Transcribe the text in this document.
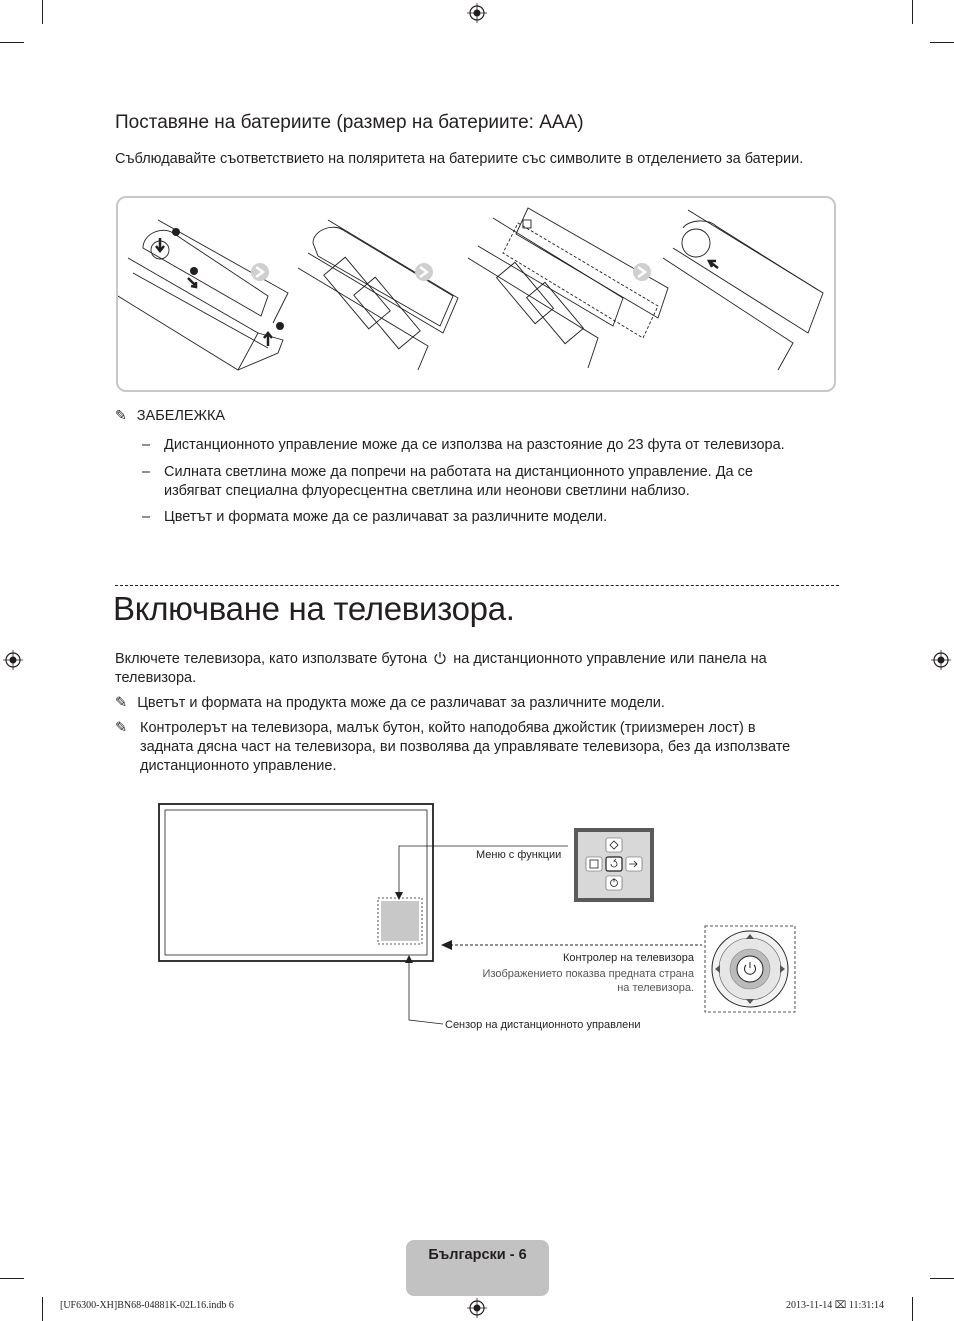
Поставяне на батериите (размер на батериите: AAA)
Съблюдавайте съответствието на поляритета на батериите със символите в отделението за батерии.
✎ ЗАБЕЛЕЖКА
– Дистанционното управление може да се използва на разстояние до 23 фута от телевизора.
– Силната светлина може да попречи на работата на дистанционното управление. Да се избягват специална флуоресцентна светлина или неонови светлини наблизо.
– Цветът и формата може да се различават за различните модели.
Включване на телевизора.
Включете телевизора, като използвате бутона на дистанционното управление или панела на телевизора.
✎ Цветът и формата на продукта може да се различават за различните модели.
✎ Контролерът на телевизора, малък бутон, който наподобява джойстик (триизмерен лост) в задната дясна част на телевизора, ви позволява да управлявате телевизора, без да използвате дистанционното управление.
Меню с функции
Контролер на телевизора
Изображението показва предната страна на телевизора.
Сензор на дистанционното управлени
Български - 6
[UF6300-XH]BN68-04881K-02L16.indb 6	2013-11-14 ⌧ 11:31:14
